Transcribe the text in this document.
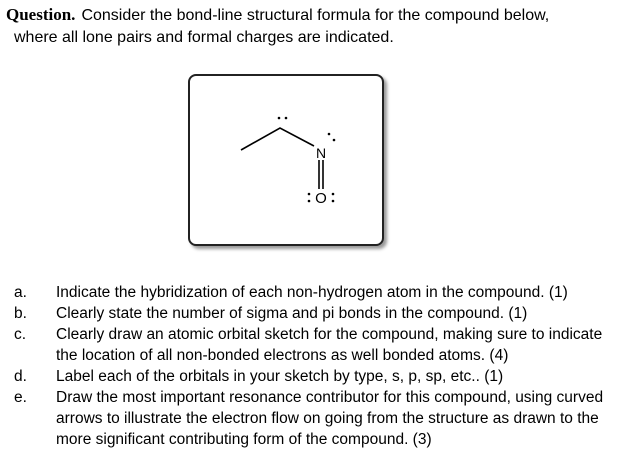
Question. Consider the bond-line structural formula for the compound below,
where all lone pairs and formal charges are indicated.
N
O
a.	Indicate the hybridization of each non-hydrogen atom in the compound. (1)
b.	Clearly state the number of sigma and pi bonds in the compound. (1)
c.	Clearly draw an atomic orbital sketch for the compound, making sure to indicate the location of all non-bonded electrons as well bonded atoms. (4)
d.	Label each of the orbitals in your sketch by type, s, p, sp, etc.. (1)
e.	Draw the most important resonance contributor for this compound, using curved arrows to illustrate the electron flow on going from the structure as drawn to the more significant contributing form of the compound. (3)
